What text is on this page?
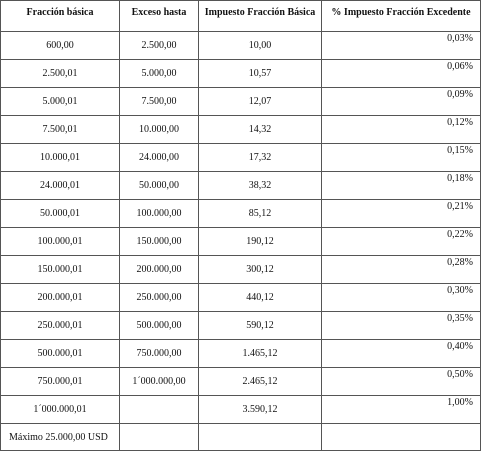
Fracción básica	Exceso hasta	Impuesto Fracción Básica	% Impuesto Fracción Excedente
600,00	2.500,00	10,00	0,03%
2.500,01	5.000,00	10,57	0,06%
5.000,01	7.500,00	12,07	0,09%
7.500,01	10.000,00	14,32	0,12%
10.000,01	24.000,00	17,32	0,15%
24.000,01	50.000,00	38,32	0,18%
50.000,01	100.000,00	85,12	0,21%
100.000,01	150.000,00	190,12	0,22%
150.000,01	200.000,00	300,12	0,28%
200.000,01	250.000,00	440,12	0,30%
250.000,01	500.000,00	590,12	0,35%
500.000,01	750.000,00	1.465,12	0,40%
750.000,01	1´000.000,00	2.465,12	0,50%
1´000.000,01		3.590,12	1,00%
Máximo 25.000,00 USD			
